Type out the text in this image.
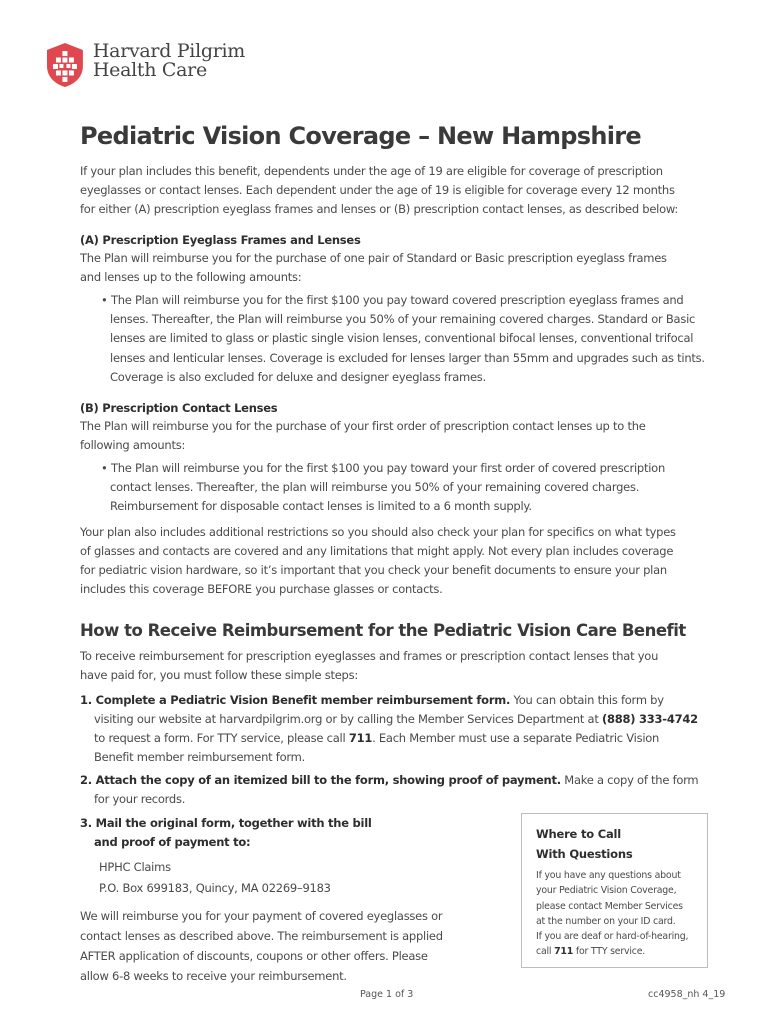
Harvard Pilgrim
Health Care
Pediatric Vision Coverage – New Hampshire
If your plan includes this benefit, dependents under the age of 19 are eligible for coverage of prescription
eyeglasses or contact lenses. Each dependent under the age of 19 is eligible for coverage every 12 months
for either (A) prescription eyeglass frames and lenses or (B) prescription contact lenses, as described below:
(A) Prescription Eyeglass Frames and Lenses
The Plan will reimburse you for the purchase of one pair of Standard or Basic prescription eyeglass frames
and lenses up to the following amounts:
• The Plan will reimburse you for the first $100 you pay toward covered prescription eyeglass frames and
lenses. Thereafter, the Plan will reimburse you 50% of your remaining covered charges. Standard or Basic
lenses are limited to glass or plastic single vision lenses, conventional bifocal lenses, conventional trifocal
lenses and lenticular lenses. Coverage is excluded for lenses larger than 55mm and upgrades such as tints.
Coverage is also excluded for deluxe and designer eyeglass frames.
(B) Prescription Contact Lenses
The Plan will reimburse you for the purchase of your first order of prescription contact lenses up to the
following amounts:
• The Plan will reimburse you for the first $100 you pay toward your first order of covered prescription
contact lenses. Thereafter, the plan will reimburse you 50% of your remaining covered charges.
Reimbursement for disposable contact lenses is limited to a 6 month supply.
Your plan also includes additional restrictions so you should also check your plan for specifics on what types
of glasses and contacts are covered and any limitations that might apply. Not every plan includes coverage
for pediatric vision hardware, so it’s important that you check your benefit documents to ensure your plan
includes this coverage BEFORE you purchase glasses or contacts.
How to Receive Reimbursement for the Pediatric Vision Care Benefit
To receive reimbursement for prescription eyeglasses and frames or prescription contact lenses that you
have paid for, you must follow these simple steps:
1. Complete a Pediatric Vision Benefit member reimbursement form. You can obtain this form by
visiting our website at harvardpilgrim.org or by calling the Member Services Department at (888) 333-4742
to request a form. For TTY service, please call 711. Each Member must use a separate Pediatric Vision
Benefit member reimbursement form.
2. Attach the copy of an itemized bill to the form, showing proof of payment. Make a copy of the form
for your records.
3. Mail the original form, together with the bill
and proof of payment to:
HPHC Claims
P.O. Box 699183, Quincy, MA 02269–9183
We will reimburse you for your payment of covered eyeglasses or
contact lenses as described above. The reimbursement is applied
AFTER application of discounts, coupons or other offers. Please
allow 6-8 weeks to receive your reimbursement.
Where to Call
With Questions
If you have any questions about
your Pediatric Vision Coverage,
please contact Member Services
at the number on your ID card.
If you are deaf or hard-of-hearing,
call 711 for TTY service.
Page 1 of 3	cc4958_nh 4_19
